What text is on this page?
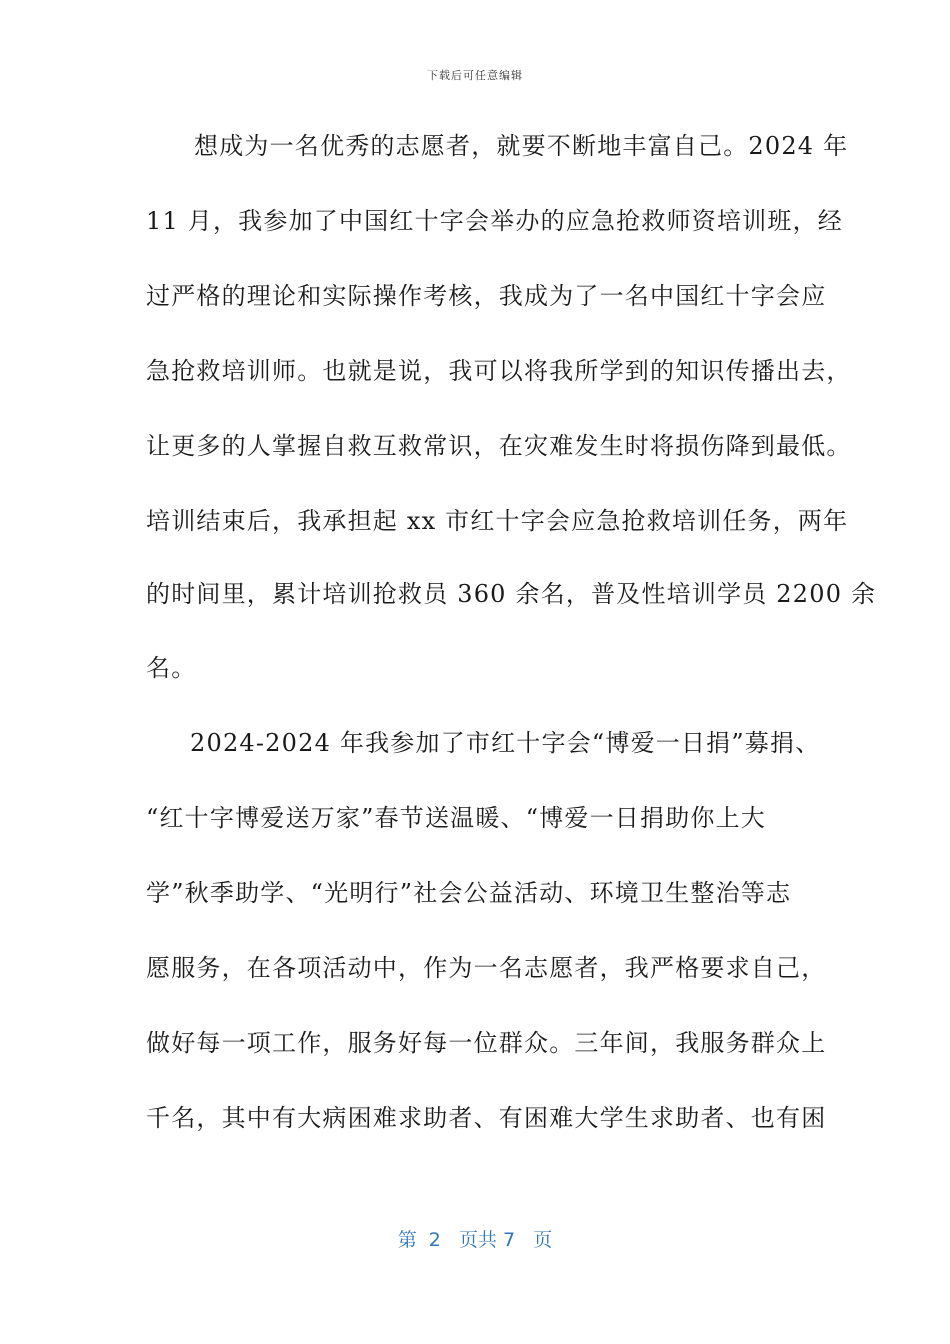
下载后可任意编辑
想成为一名优秀的志愿者，就要不断地丰富自己。2024 年
11 月，我参加了中国红十字会举办的应急抢救师资培训班，经
过严格的理论和实际操作考核，我成为了一名中国红十字会应
急抢救培训师。也就是说，我可以将我所学到的知识传播出去，
让更多的人掌握自救互救常识，在灾难发生时将损伤降到最低。
培训结束后，我承担起 xx 市红十字会应急抢救培训任务，两年
的时间里，累计培训抢救员 360 余名，普及性培训学员 2200 余
名。
2024-2024 年我参加了市红十字会“博爱一日捐”募捐、
“红十字博爱送万家”春节送温暖、“博爱一日捐助你上大
学”秋季助学、“光明行”社会公益活动、环境卫生整治等志
愿服务，在各项活动中，作为一名志愿者，我严格要求自己，
做好每一项工作，服务好每一位群众。三年间，我服务群众上
千名，其中有大病困难求助者、有困难大学生求助者、也有困
第  2   页共 7   页
